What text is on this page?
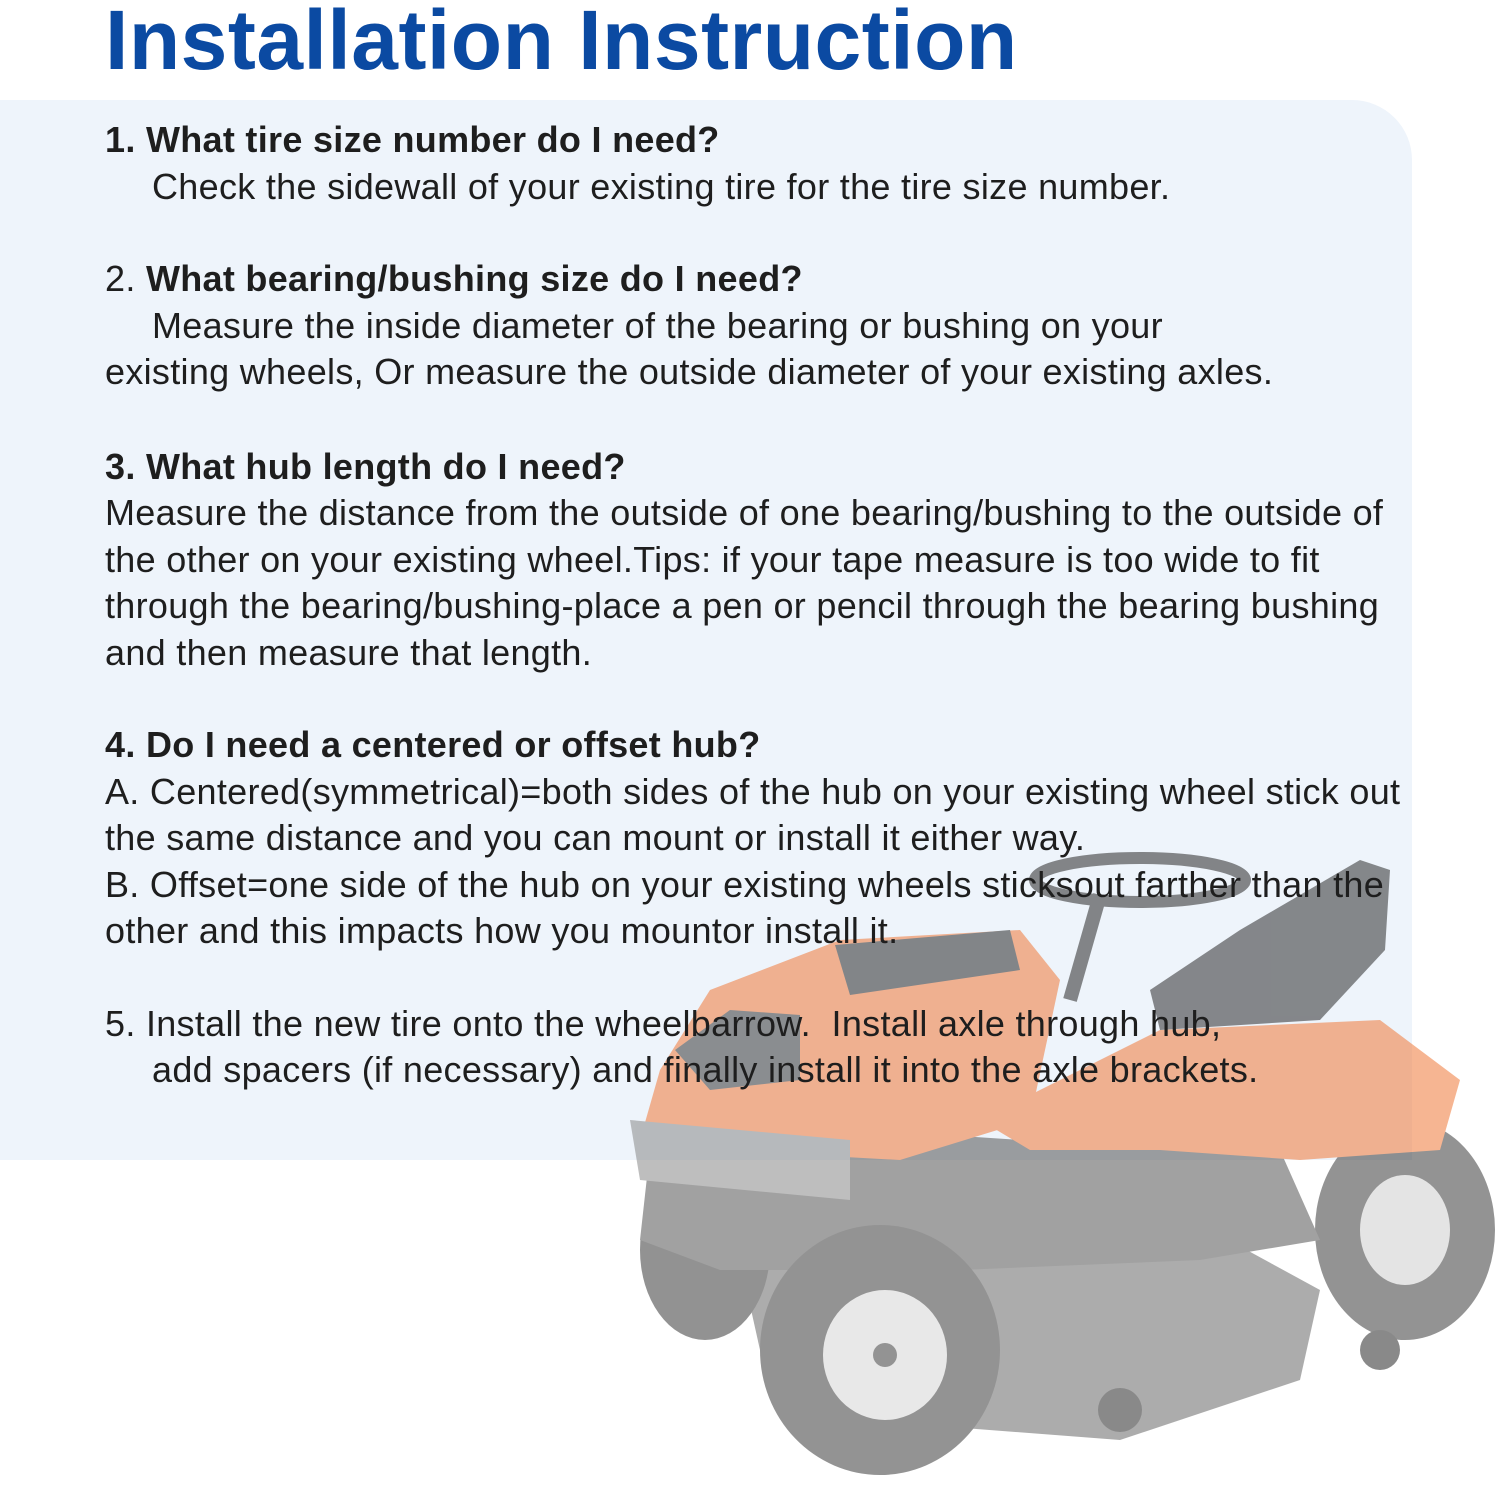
Installation Instruction
1. What tire size number do I need?
Check the sidewall of your existing tire for the tire size number.
2. What bearing/bushing size do I need?
Measure the inside diameter of the bearing or bushing on your
existing wheels, Or measure the outside diameter of your existing axles.
3. What hub length do I need?
Measure the distance from the outside of one bearing/bushing to the outside of the other on your existing wheel.Tips: if your tape measure is too wide to fit through the bearing/bushing-place a pen or pencil through the bearing bushing and then measure that length.
4. Do I need a centered or offset hub?
A. Centered(symmetrical)=both sides of the hub on your existing wheel stick out the same distance and you can mount or install it either way.
B. Offset=one side of the hub on your existing wheels sticksout farther than the other and this impacts how you mountor install it.
5. Install the new tire onto the wheelbarrow.  Install axle through hub,
add spacers (if necessary) and finally install it into the axle brackets.
